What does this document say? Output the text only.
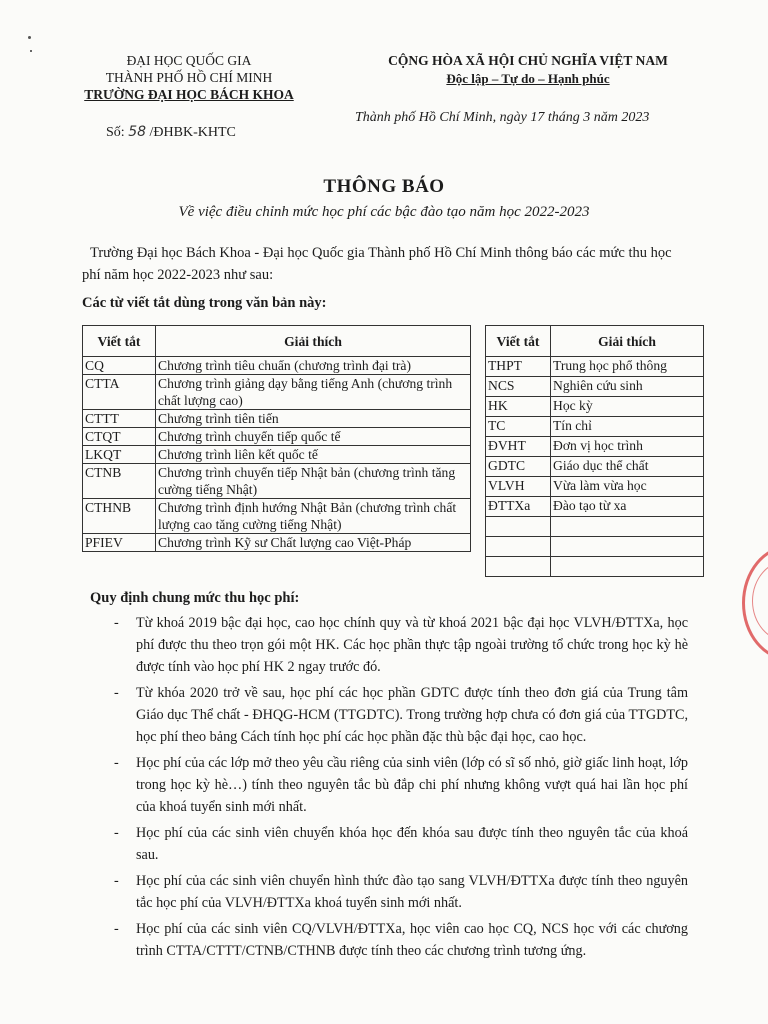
ĐẠI HỌC QUỐC GIA
THÀNH PHỐ HỒ CHÍ MINH
TRƯỜNG ĐẠI HỌC BÁCH KHOA
Số: 58 /ĐHBK-KHTC
CỘNG HÒA XÃ HỘI CHỦ NGHĨA VIỆT NAM
Độc lập – Tự do – Hạnh phúc
Thành phố Hồ Chí Minh, ngày 17 tháng 3 năm 2023
THÔNG BÁO
Về việc điều chỉnh mức học phí các bậc đào tạo năm học 2022-2023
Trường Đại học Bách Khoa - Đại học Quốc gia Thành phố Hồ Chí Minh thông báo các mức thu học phí năm học 2022-2023 như sau:
Các từ viết tắt dùng trong văn bản này:
Viết tắt	Giải thích
CQ	Chương trình tiêu chuẩn (chương trình đại trà)
CTTA	Chương trình giảng dạy bằng tiếng Anh (chương trình chất lượng cao)
CTTT	Chương trình tiên tiến
CTQT	Chương trình chuyển tiếp quốc tế
LKQT	Chương trình liên kết quốc tế
CTNB	Chương trình chuyển tiếp Nhật bản (chương trình tăng cường tiếng Nhật)
CTHNB	Chương trình định hướng Nhật Bản (chương trình chất lượng cao tăng cường tiếng Nhật)
PFIEV	Chương trình Kỹ sư Chất lượng cao Việt-Pháp
Viết tắt	Giải thích
THPT	Trung học phổ thông
NCS	Nghiên cứu sinh
HK	Học kỳ
TC	Tín chỉ
ĐVHT	Đơn vị học trình
GDTC	Giáo dục thể chất
VLVH	Vừa làm vừa học
ĐTTXa	Đào tạo từ xa

Quy định chung mức thu học phí:
- Từ khoá 2019 bậc đại học, cao học chính quy và từ khoá 2021 bậc đại học VLVH/ĐTTXa, học phí được thu theo trọn gói một HK. Các học phần thực tập ngoài trường tổ chức trong học kỳ hè được tính vào học phí HK 2 ngay trước đó.
- Từ khóa 2020 trở về sau, học phí các học phần GDTC được tính theo đơn giá của Trung tâm Giáo dục Thể chất - ĐHQG-HCM (TTGDTC). Trong trường hợp chưa có đơn giá của TTGDTC, học phí theo bảng Cách tính học phí các học phần đặc thù bậc đại học, cao học.
- Học phí của các lớp mở theo yêu cầu riêng của sinh viên (lớp có sĩ số nhỏ, giờ giấc linh hoạt, lớp trong học kỳ hè…) tính theo nguyên tắc bù đắp chi phí nhưng không vượt quá hai lần học phí của khoá tuyển sinh mới nhất.
- Học phí của các sinh viên chuyển khóa học đến khóa sau được tính theo nguyên tắc của khoá sau.
- Học phí của các sinh viên chuyển hình thức đào tạo sang VLVH/ĐTTXa được tính theo nguyên tắc học phí của VLVH/ĐTTXa khoá tuyển sinh mới nhất.
- Học phí của các sinh viên CQ/VLVH/ĐTTXa, học viên cao học CQ, NCS học với các chương trình CTTA/CTTT/CTNB/CTHNB được tính theo các chương trình tương ứng.
